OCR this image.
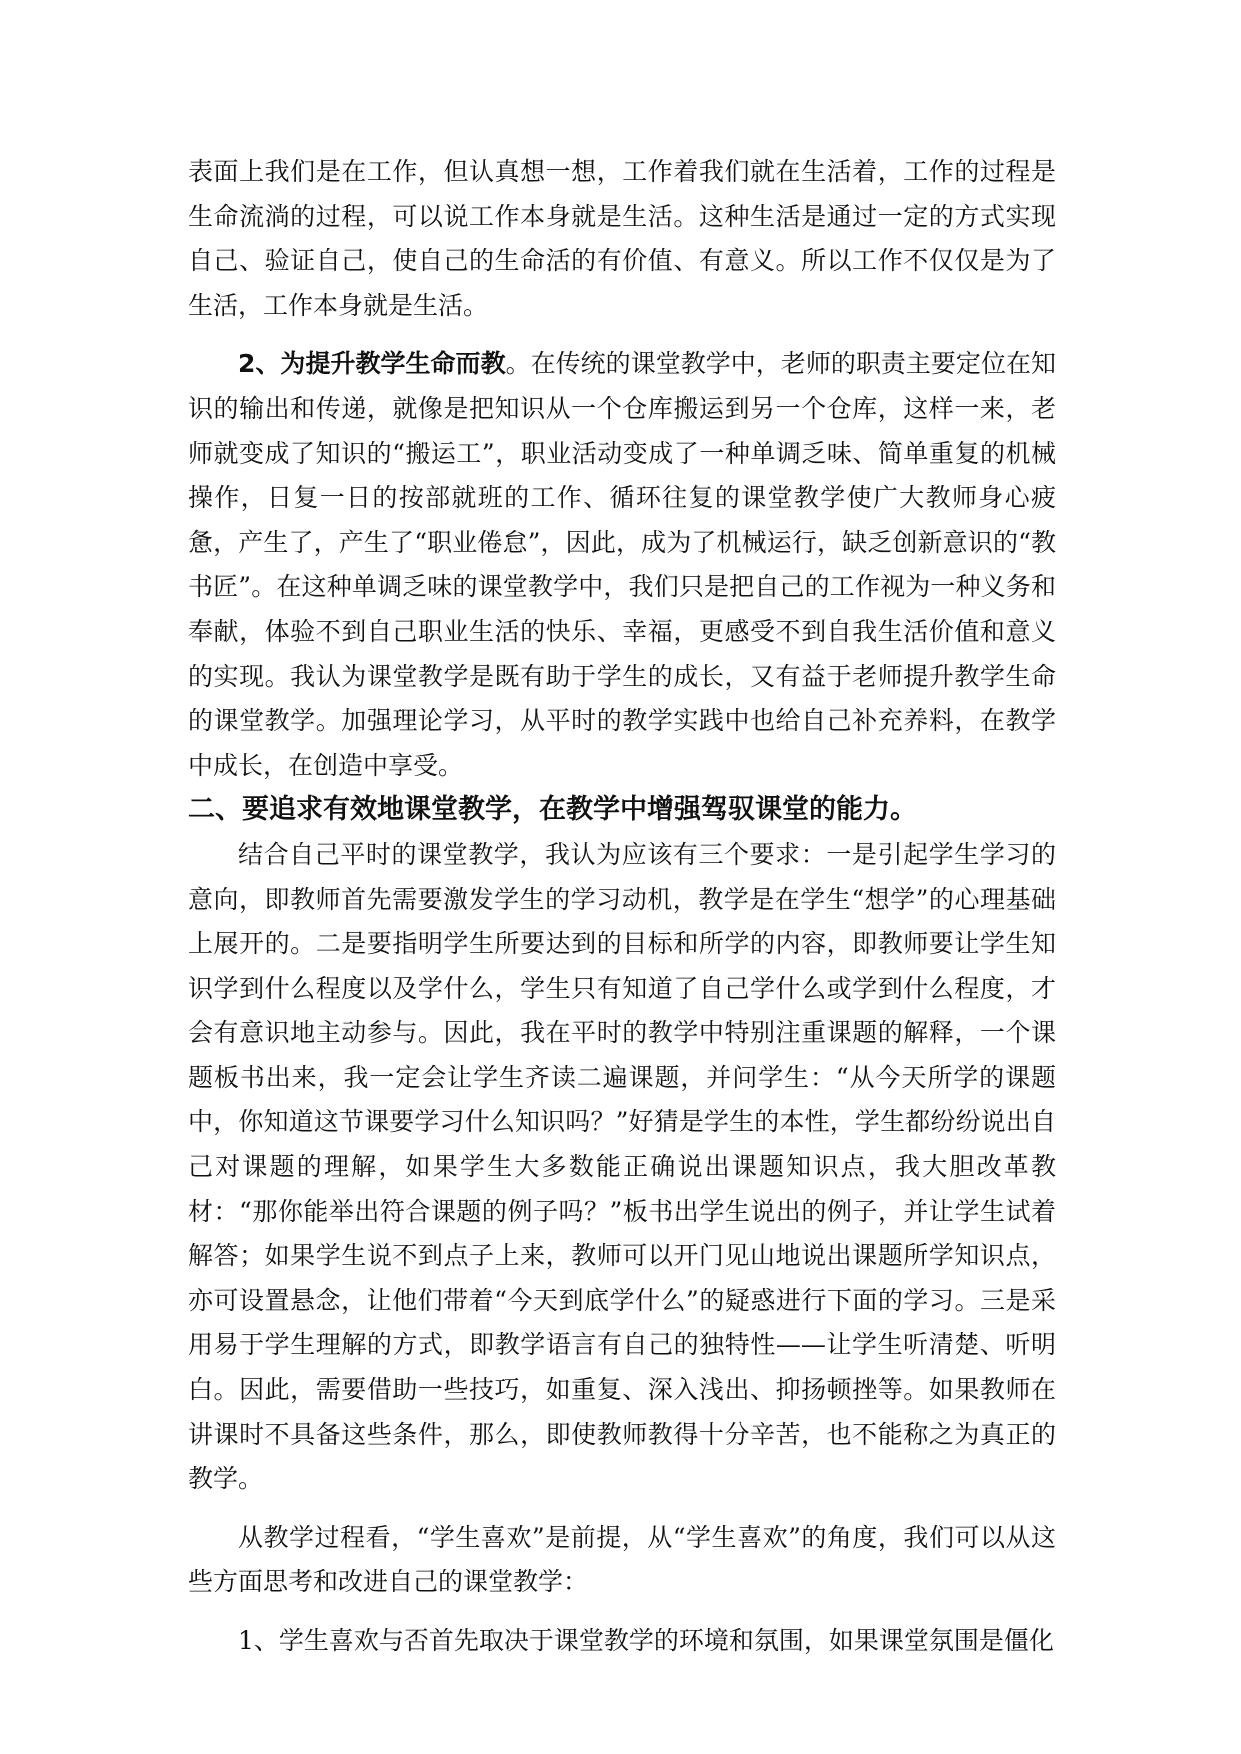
表面上我们是在工作，但认真想一想，工作着我们就在生活着，工作的过程是生命流淌的过程，可以说工作本身就是生活。这种生活是通过一定的方式实现自己、验证自己，使自己的生命活的有价值、有意义。所以工作不仅仅是为了生活，工作本身就是生活。

2、为提升教学生命而教。在传统的课堂教学中，老师的职责主要定位在知识的输出和传递，就像是把知识从一个仓库搬运到另一个仓库，这样一来，老师就变成了知识的“搬运工”，职业活动变成了一种单调乏味、简单重复的机械操作，日复一日的按部就班的工作、循环往复的课堂教学使广大教师身心疲惫，产生了，产生了“职业倦怠”，因此，成为了机械运行，缺乏创新意识的“教书匠”。在这种单调乏味的课堂教学中，我们只是把自己的工作视为一种义务和奉献，体验不到自己职业生活的快乐、幸福，更感受不到自我生活价值和意义的实现。我认为课堂教学是既有助于学生的成长，又有益于老师提升教学生命的课堂教学。加强理论学习，从平时的教学实践中也给自己补充养料，在教学中成长，在创造中享受。

二、要追求有效地课堂教学，在教学中增强驾驭课堂的能力。

结合自己平时的课堂教学，我认为应该有三个要求：一是引起学生学习的意向，即教师首先需要激发学生的学习动机，教学是在学生“想学”的心理基础上展开的。二是要指明学生所要达到的目标和所学的内容，即教师要让学生知识学到什么程度以及学什么，学生只有知道了自己学什么或学到什么程度，才会有意识地主动参与。因此，我在平时的教学中特别注重课题的解释，一个课题板书出来，我一定会让学生齐读二遍课题，并问学生：“从今天所学的课题中，你知道这节课要学习什么知识吗？”好猜是学生的本性，学生都纷纷说出自己对课题的理解，如果学生大多数能正确说出课题知识点，我大胆改革教材：“那你能举出符合课题的例子吗？”板书出学生说出的例子，并让学生试着解答；如果学生说不到点子上来，教师可以开门见山地说出课题所学知识点，亦可设置悬念，让他们带着“今天到底学什么”的疑惑进行下面的学习。三是采用易于学生理解的方式，即教学语言有自己的独特性——让学生听清楚、听明白。因此，需要借助一些技巧，如重复、深入浅出、抑扬顿挫等。如果教师在讲课时不具备这些条件，那么，即使教师教得十分辛苦，也不能称之为真正的教学。

从教学过程看，“学生喜欢”是前提，从“学生喜欢”的角度，我们可以从这些方面思考和改进自己的课堂教学：

1、学生喜欢与否首先取决于课堂教学的环境和氛围，如果课堂氛围是僵化
